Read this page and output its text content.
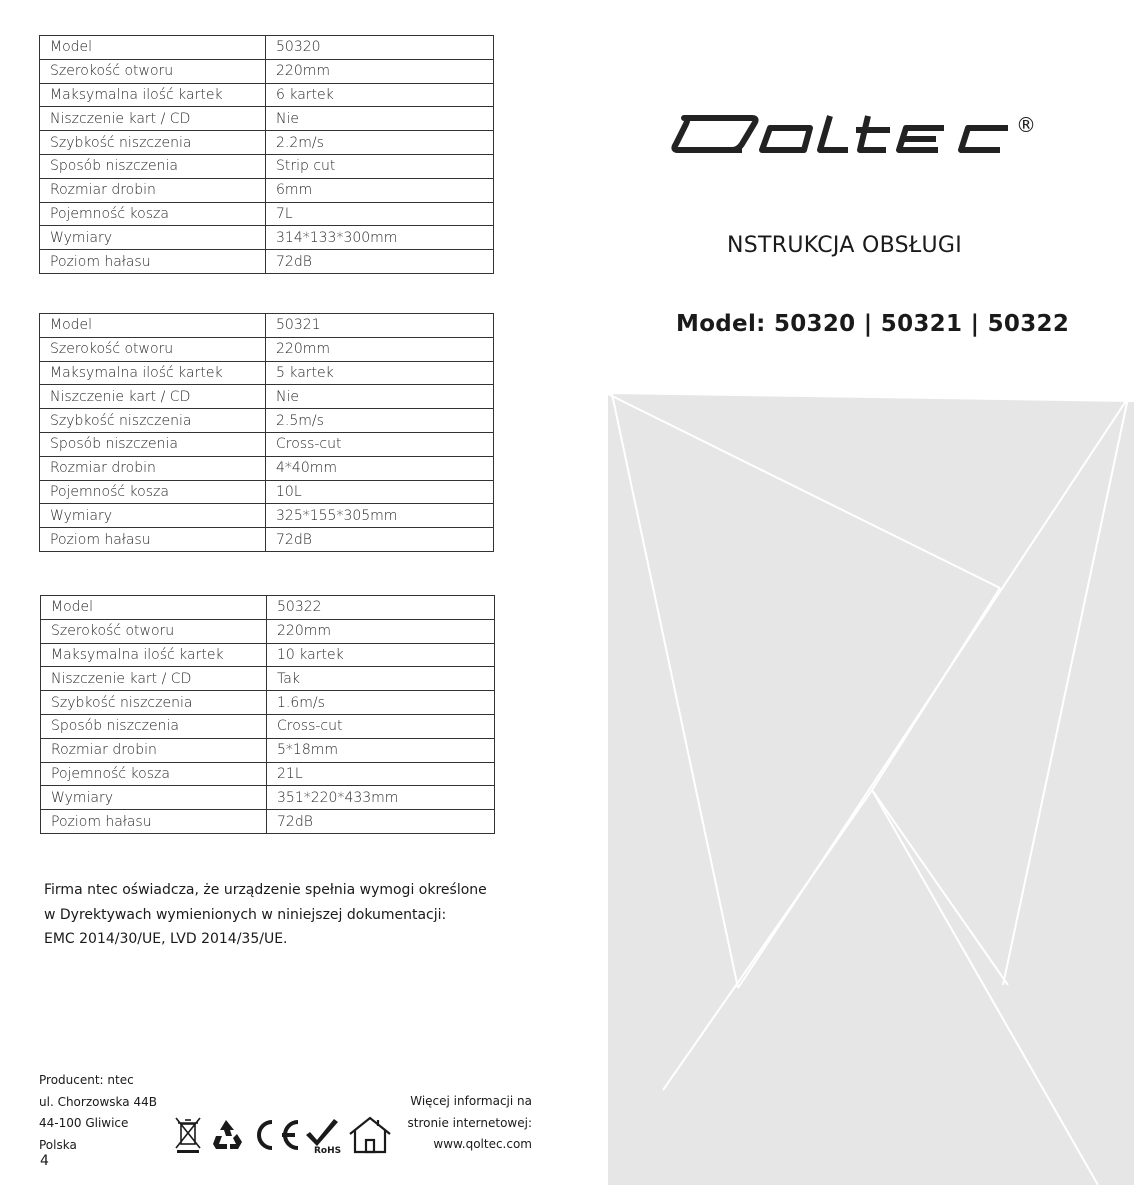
Model	50320
Szerokość otworu	220mm
Maksymalna ilość kartek	6 kartek
Niszczenie kart / CD	Nie
Szybkość niszczenia	2.2m/s
Sposób niszczenia	Strip cut
Rozmiar drobin	6mm
Pojemność kosza	7L
Wymiary	314*133*300mm
Poziom hałasu	72dB
Model	50321
Szerokość otworu	220mm
Maksymalna ilość kartek	5 kartek
Niszczenie kart / CD	Nie
Szybkość niszczenia	2.5m/s
Sposób niszczenia	Cross-cut
Rozmiar drobin	4*40mm
Pojemność kosza	10L
Wymiary	325*155*305mm
Poziom hałasu	72dB
Model	50322
Szerokość otworu	220mm
Maksymalna ilość kartek	10 kartek
Niszczenie kart / CD	Tak
Szybkość niszczenia	1.6m/s
Sposób niszczenia	Cross-cut
Rozmiar drobin	5*18mm
Pojemność kosza	21L
Wymiary	351*220*433mm
Poziom hałasu	72dB
Firma ntec oświadcza, że urządzenie spełnia wymogi określone
w Dyrektywach wymienionych w niniejszej dokumentacji:
EMC 2014/30/UE, LVD 2014/35/UE.
Producent: ntec
ul. Chorzowska 44B
44-100 Gliwice
Polska	RoHS
Więcej informacji na
stronie internetowej:
www.qoltec.com
4
®
NSTRUKCJA OBSŁUGI
Model: 50320 | 50321 | 50322
